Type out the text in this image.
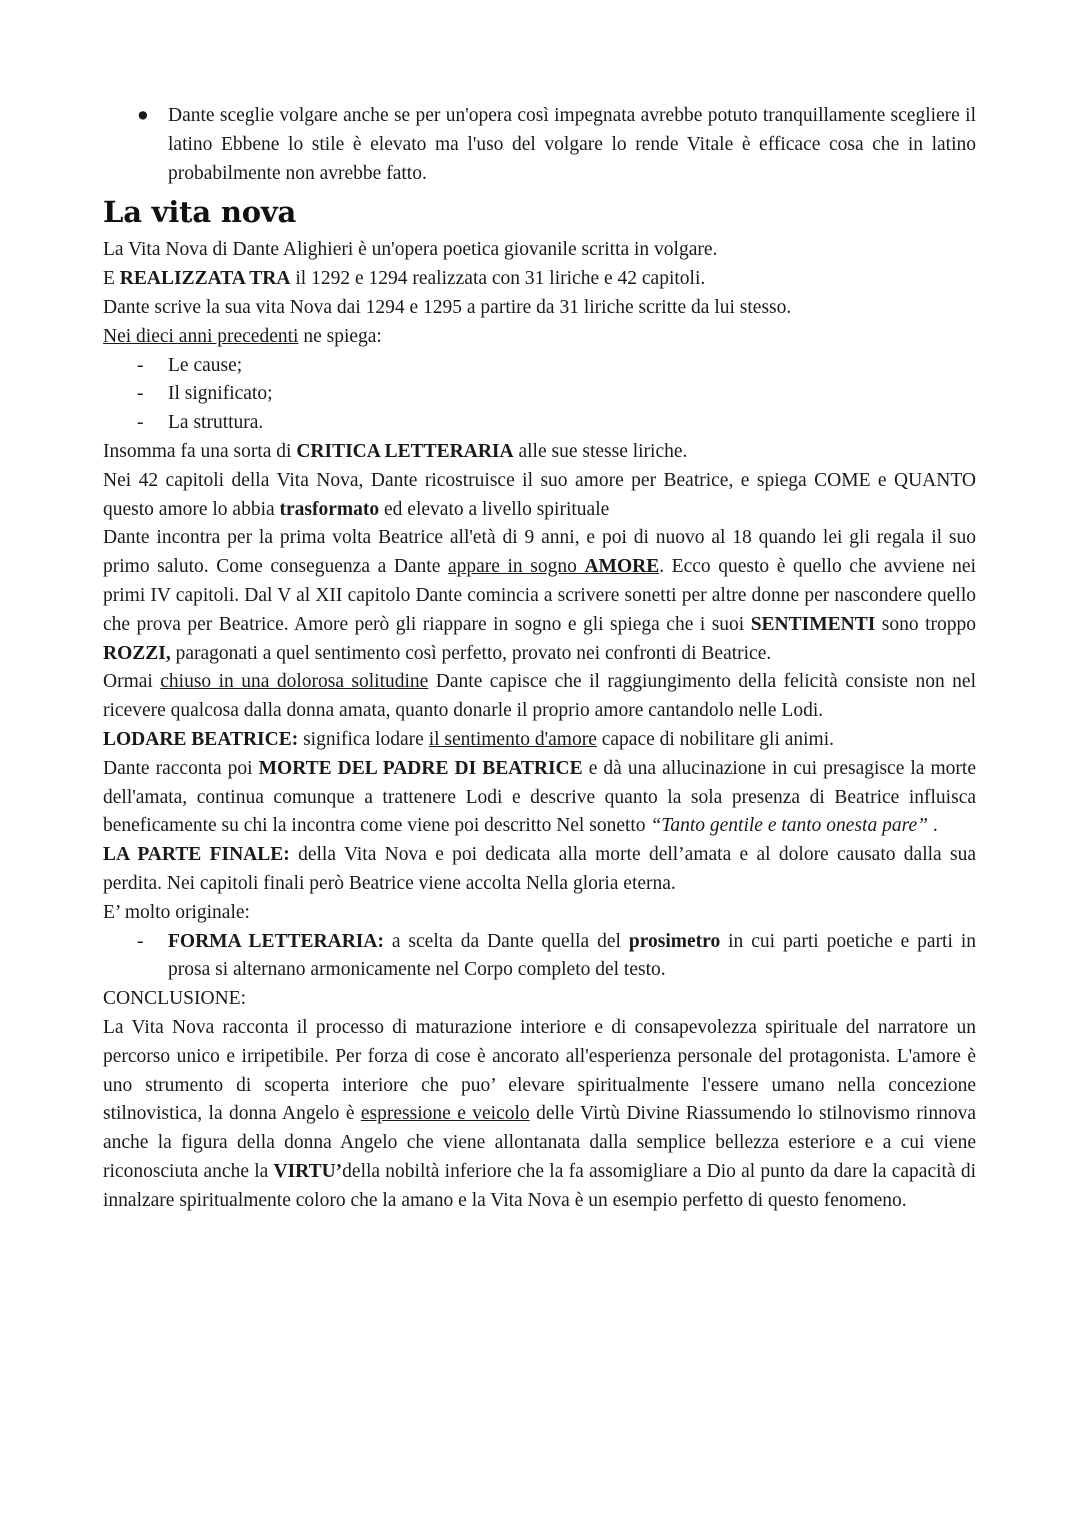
● Dante sceglie volgare anche se per un'opera così impegnata avrebbe potuto tranquillamente scegliere il latino Ebbene lo stile è elevato ma l'uso del volgare lo rende Vitale è efficace cosa che in latino probabilmente non avrebbe fatto.
La vita nova

La Vita Nova di Dante Alighieri è un'opera poetica giovanile scritta in volgare.

E REALIZZATA TRA il 1292 e 1294 realizzata con 31 liriche e 42 capitoli.

Dante scrive la sua vita Nova dai 1294 e 1295 a partire da 31 liriche scritte da lui stesso.

Nei dieci anni precedenti ne spiega:

- Le cause;
- Il significato;
- La struttura.

Insomma fa una sorta di CRITICA LETTERARIA alle sue stesse liriche.

Nei 42 capitoli della Vita Nova, Dante ricostruisce il suo amore per Beatrice, e spiega COME e QUANTO questo amore lo abbia trasformato ed elevato a livello spirituale

Dante incontra per la prima volta Beatrice all'età di 9 anni, e poi di nuovo al 18 quando lei gli regala il suo primo saluto. Come conseguenza a Dante appare in sogno AMORE. Ecco questo è quello che avviene nei primi IV capitoli. Dal V al XII capitolo Dante comincia a scrivere sonetti per altre donne per nascondere quello che prova per Beatrice. Amore però gli riappare in sogno e gli spiega che i suoi SENTIMENTI sono troppo ROZZI, paragonati a quel sentimento così perfetto, provato nei confronti di Beatrice.

Ormai chiuso in una dolorosa solitudine Dante capisce che il raggiungimento della felicità consiste non nel ricevere qualcosa dalla donna amata, quanto donarle il proprio amore cantandolo nelle Lodi.

LODARE BEATRICE: significa lodare il sentimento d'amore capace di nobilitare gli animi.

Dante racconta poi MORTE DEL PADRE DI BEATRICE e dà una allucinazione in cui presagisce la morte dell'amata, continua comunque a trattenere Lodi e descrive quanto la sola presenza di Beatrice influisca beneficamente su chi la incontra come viene poi descritto Nel sonetto “Tanto gentile e tanto onesta pare” .

LA PARTE FINALE: della Vita Nova e poi dedicata alla morte dell’amata e al dolore causato dalla sua perdita. Nei capitoli finali però Beatrice viene accolta Nella gloria eterna.

E’ molto originale:

- FORMA LETTERARIA: a scelta da Dante quella del prosimetro in cui parti poetiche e parti in prosa si alternano armonicamente nel Corpo completo del testo.

CONCLUSIONE:

La Vita Nova racconta il processo di maturazione interiore e di consapevolezza spirituale del narratore un percorso unico e irripetibile. Per forza di cose è ancorato all'esperienza personale del protagonista. L'amore è uno strumento di scoperta interiore che puo’ elevare spiritualmente l'essere umano nella concezione stilnovistica, la donna Angelo è espressione e veicolo delle Virtù Divine Riassumendo lo stilnovismo rinnova anche la figura della donna Angelo che viene allontanata dalla semplice bellezza esteriore e a cui viene riconosciuta anche la VIRTU’della nobiltà inferiore che la fa assomigliare a Dio al punto da dare la capacità di innalzare spiritualmente coloro che la amano e la Vita Nova è un esempio perfetto di questo fenomeno.
